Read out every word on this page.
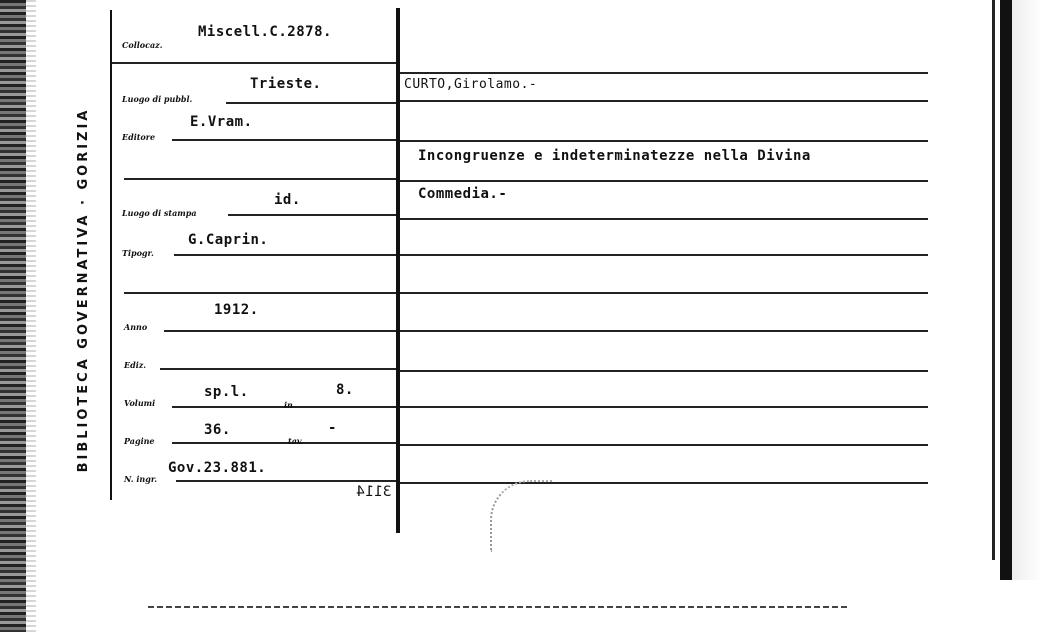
BIBLIOTECA GOVERNATIVA · GORIZIA
Collocaz.
Miscell.C.2878.
Luogo di pubbl.
Trieste.
Editore
E.Vram.
Luogo di stampa
id.
Tipogr.
G.Caprin.
Anno
1912.
Ediz.
Volumi
sp.l.
in
8.
Pagine
36.
tav.
-
N. ingr.
Gov.23.881.
3114
CURTO,Girolamo.-
Incongruenze e indeterminatezze nella Divina
Commedia.-
